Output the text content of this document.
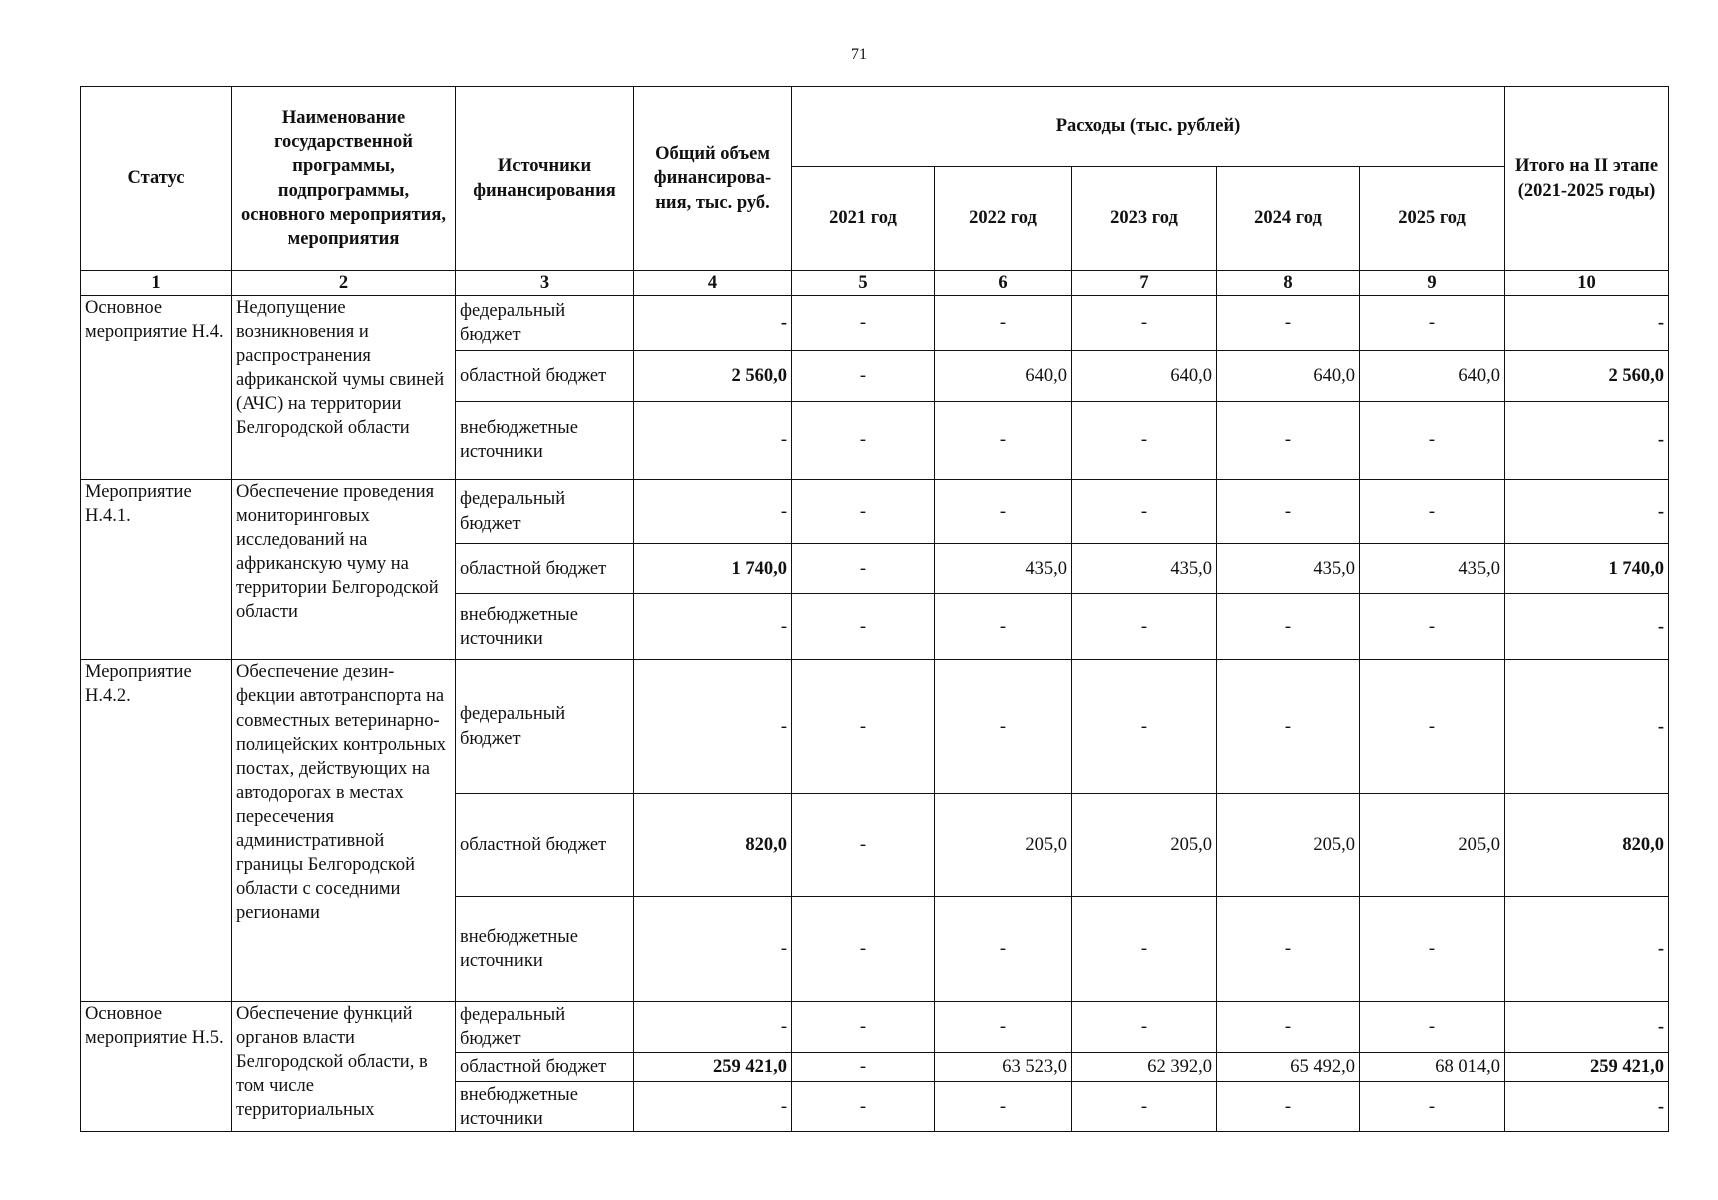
71
Статус	Наименование государственной программы, подпрограммы, основного мероприятия, мероприятия	Источники финансирования	Общий объем финансирова-ния, тыс. руб.	Расходы (тыс. рублей)					Итого на II этапе (2021-2025 годы)
				2021 год	2022 год	2023 год	2024 год	2025 год	
1	2	3	4	5	6	7	8	9	10
Основное мероприятие Н.4.	Недопущение возникновения и распространения африканской чумы свиней (АЧС) на территории Белгородской области	федеральный бюджет	-	-	-	-	-	-	-
		областной бюджет	2 560,0	-	640,0	640,0	640,0	640,0	2 560,0
		внебюджетные источники	-	-	-	-	-	-	-
Мероприятие Н.4.1.	Обеспечение проведения мониторинговых исследований на африканскую чуму на территории Белгородской области	федеральный бюджет	-	-	-	-	-	-	-
		областной бюджет	1 740,0	-	435,0	435,0	435,0	435,0	1 740,0
		внебюджетные источники	-	-	-	-	-	-	-
Мероприятие Н.4.2.	Обеспечение дезин-фекции автотранспорта на совместных ветеринарно-полицейских контрольных постах, действующих на автодорогах в местах пересечения административной границы Белгородской области с соседними регионами	федеральный бюджет	-	-	-	-	-	-	-
		областной бюджет	820,0	-	205,0	205,0	205,0	205,0	820,0
		внебюджетные источники	-	-	-	-	-	-	-
Основное мероприятие Н.5.	Обеспечение функций органов власти Белгородской области, в том числе территориальных	федеральный бюджет	-	-	-	-	-	-	-
		областной бюджет	259 421,0	-	63 523,0	62 392,0	65 492,0	68 014,0	259 421,0
		внебюджетные источники	-	-	-	-	-	-	-
